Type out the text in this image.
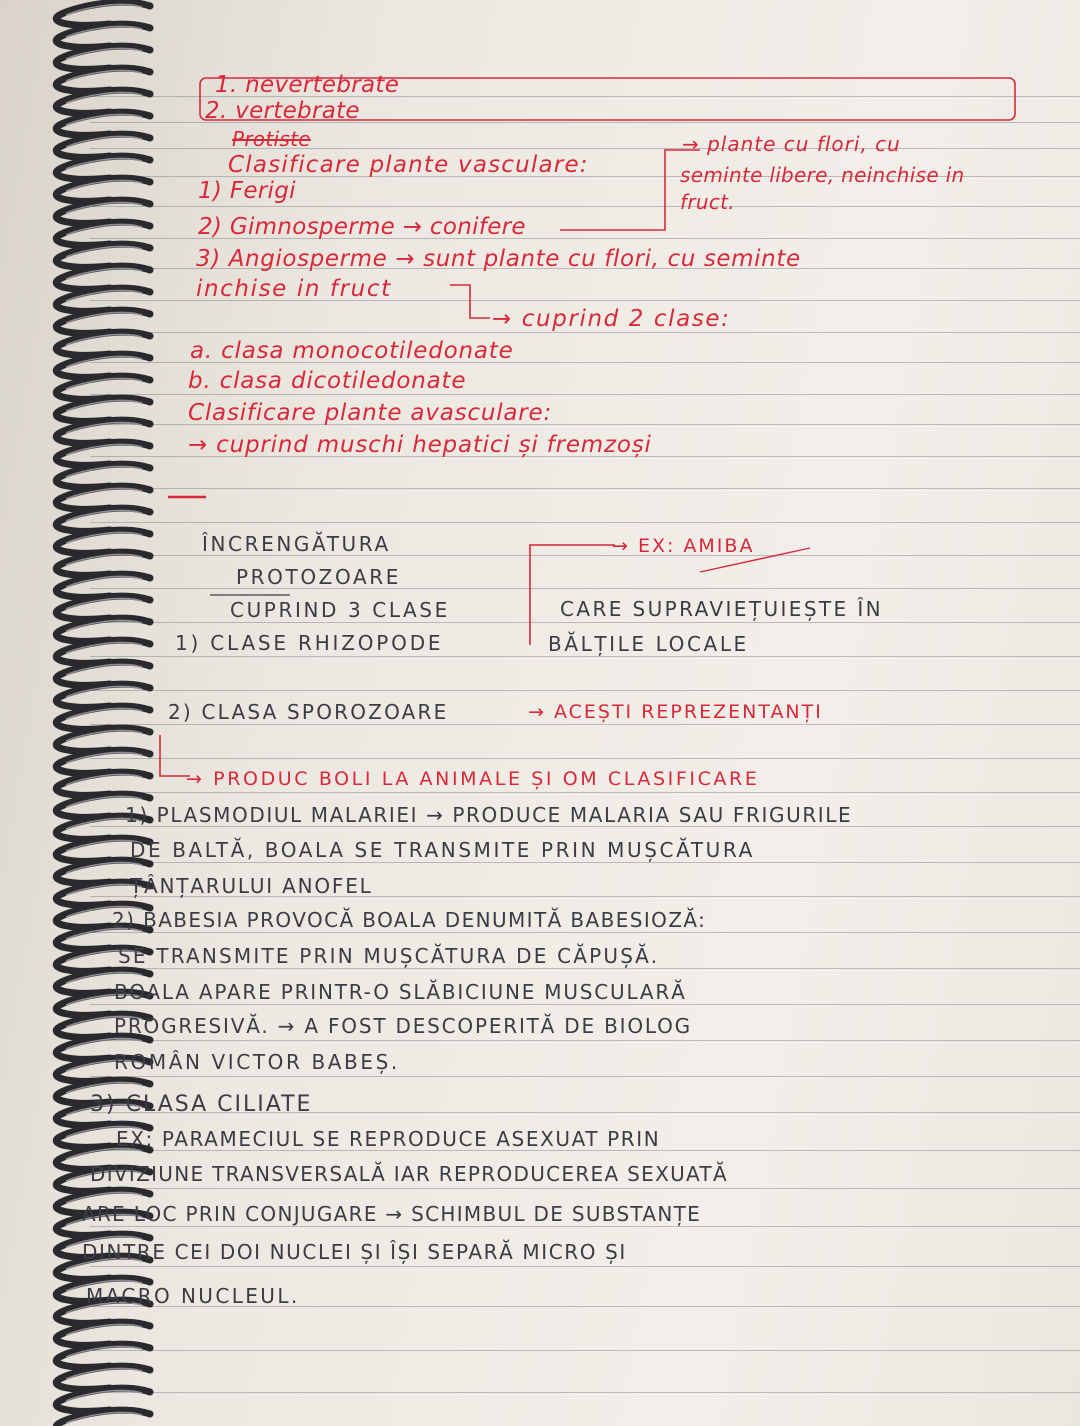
1. nevertebrate
2. vertebrate
Protiste
Clasificare plante vasculare:
→ plante cu flori, cu
seminte libere, neinchise in
fruct.
1) Ferigi
2) Gimnosperme → conifere
3) Angiosperme → sunt plante cu flori, cu seminte
inchise in fruct
→ cuprind 2 clase:
a. clasa monocotiledonate
b. clasa dicotiledonate
Clasificare plante avasculare:
→ cuprind muschi hepatici și fremzoși
ÎNCRENGĂTURA
PROTOZOARE
CUPRIND 3 CLASE
1) CLASE RHIZOPODE
CARE SUPRAVIEȚUIEȘTE ÎN
BĂLȚILE LOCALE
2) CLASA SPOROZOARE
→ EX: AMIBA
→ ACEȘTI REPREZENTANȚI
→ PRODUC BOLI LA ANIMALE ȘI OM CLASIFICARE
1) PLASMODIUL MALARIEI → PRODUCE MALARIA SAU FRIGURILE
DE BALTĂ, BOALA SE TRANSMITE PRIN MUȘCĂTURA
ȚÂNȚARULUI ANOFEL
2) BABESIA PROVOCĂ BOALA DENUMITĂ BABESIOZĂ:
SE TRANSMITE PRIN MUȘCĂTURA DE CĂPUȘĂ.
BOALA APARE PRINTR-O SLĂBICIUNE MUSCULARĂ
PROGRESIVĂ. → A FOST DESCOPERITĂ DE BIOLOG
ROMÂN VICTOR BABEȘ.
3) CLASA CILIATE
EX: PARAMECIUL SE REPRODUCE ASEXUAT PRIN
DIVIZIUNE TRANSVERSALĂ IAR REPRODUCEREA SEXUATĂ
ARE LOC PRIN CONJUGARE → SCHIMBUL DE SUBSTANȚE
DINTRE CEI DOI NUCLEI ȘI ÎȘI SEPARĂ MICRO ȘI
MACRO NUCLEUL.
